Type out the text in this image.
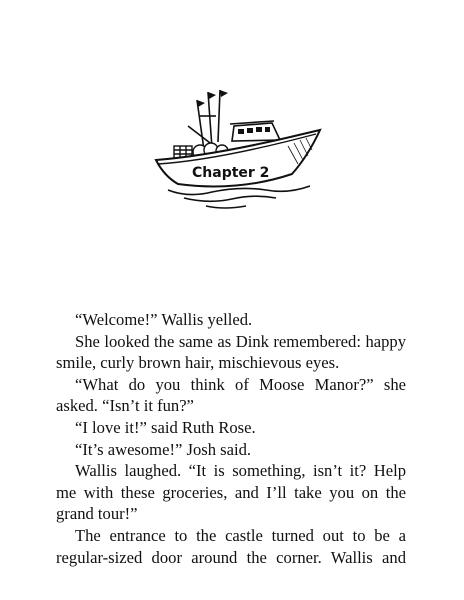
Chapter 2

“Welcome!” Wallis yelled.

She looked the same as Dink remembered: happy smile, curly brown hair, mischievous eyes.

“What do you think of Moose Manor?” she asked. “Isn’t it fun?”

“I love it!” said Ruth Rose.

“It’s awesome!” Josh said.

Wallis laughed. “It is something, isn’t it? Help me with these groceries, and I’ll take you on the grand tour!”

The entrance to the castle turned out to be a regular-sized door around the corner. Wallis and
